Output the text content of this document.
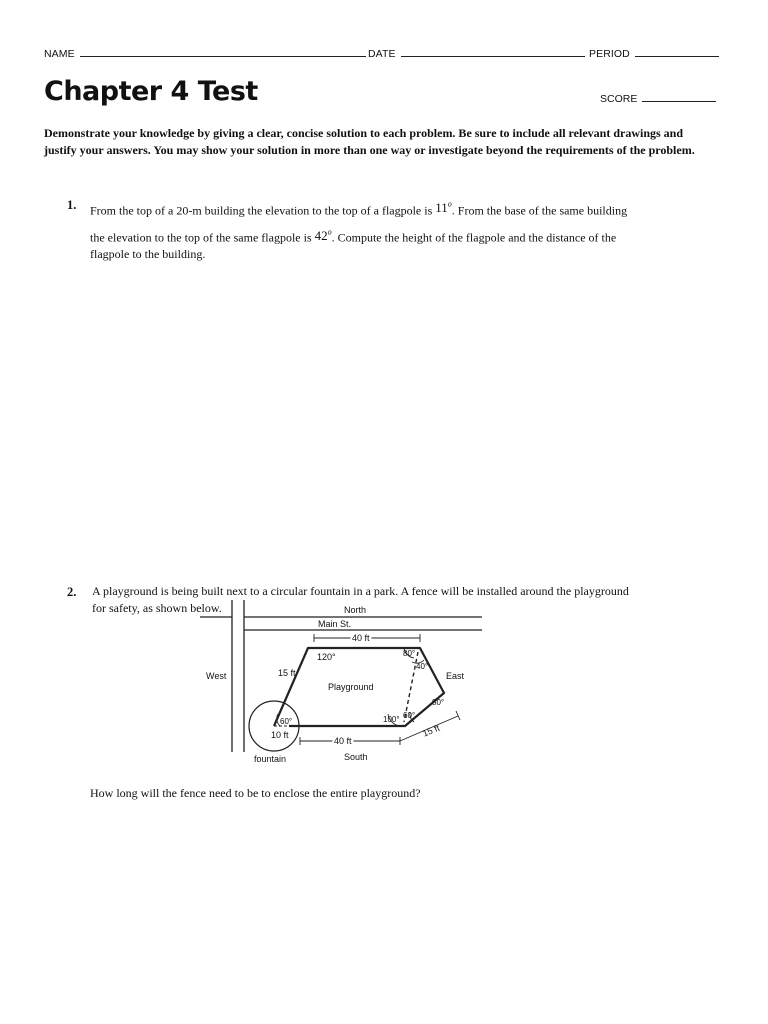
NAME	DATE	PERIOD
Chapter 4 Test	SCORE
Demonstrate your knowledge by giving a clear, concise solution to each problem. Be sure to include all relevant drawings and justify your answers. You may show your solution in more than one way or investigate beyond the requirements of the problem.
1. From the top of a 20-m building the elevation to the top of a flagpole is 11$^o$. From the base of the same building
the elevation to the top of the same flagpole is 42$^o$. Compute the height of the flagpole and the distance of the
flagpole to the building.
2. A playground is being built next to a circular fountain in a park. A fence will be installed around the playground
for safety, as shown below.	North
Main St.
West	East
South
Playground
fountain
40 ft
15 ft
40 ft
15 ft
10 ft
120°	80°
40°
80°
100° 60°
60°
How long will the fence need to be to enclose the entire playground?
